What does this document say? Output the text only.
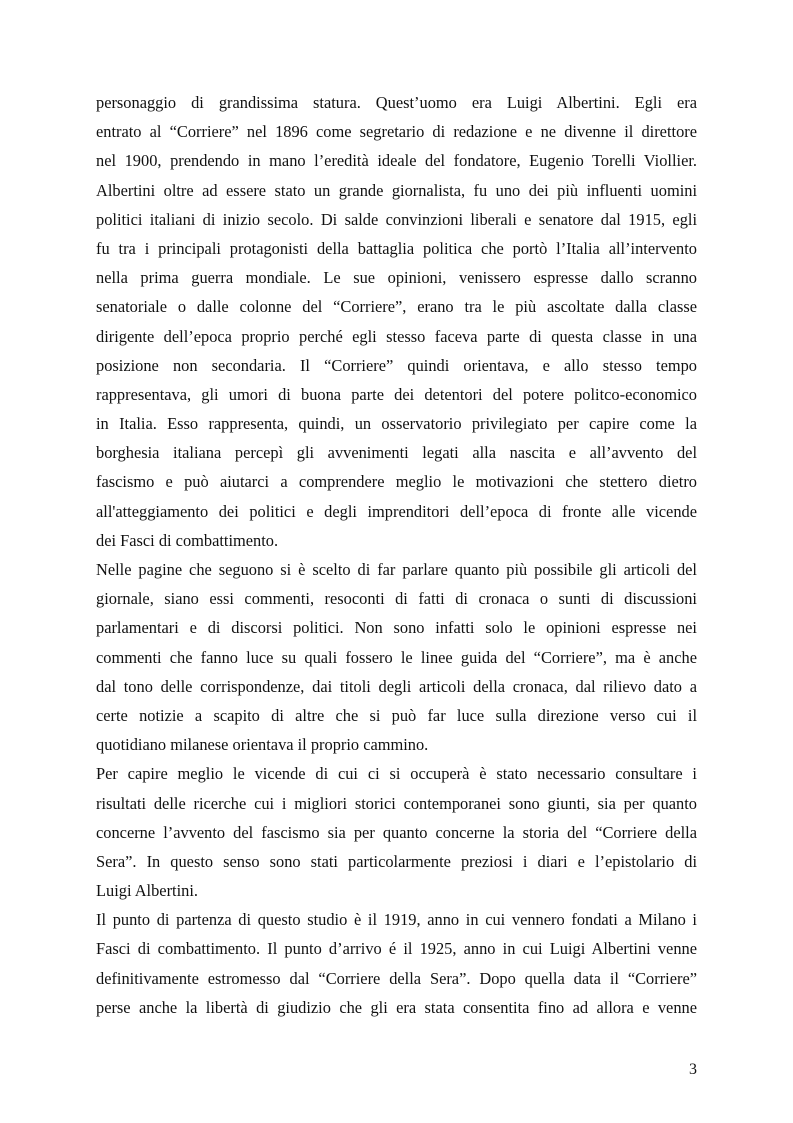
personaggio di grandissima statura. Quest’uomo era Luigi Albertini. Egli era
entrato al “Corriere” nel 1896 come segretario di redazione e ne divenne il direttore
nel 1900, prendendo in mano l’eredità ideale del fondatore, Eugenio Torelli Viollier.
Albertini oltre ad essere stato un grande giornalista, fu uno dei più influenti uomini
politici italiani di inizio secolo. Di salde convinzioni liberali e senatore dal 1915, egli
fu tra i principali protagonisti della battaglia politica che portò l’Italia all’intervento
nella prima guerra mondiale. Le sue opinioni, venissero espresse dallo scranno
senatoriale o dalle colonne del “Corriere”, erano tra le più ascoltate dalla classe
dirigente dell’epoca proprio perché egli stesso faceva parte di questa classe in una
posizione non secondaria. Il “Corriere” quindi orientava, e allo stesso tempo
rappresentava, gli umori di buona parte dei detentori del potere politco-economico
in Italia. Esso rappresenta, quindi, un osservatorio privilegiato per capire come la
borghesia italiana percepì gli avvenimenti legati alla nascita e all’avvento del
fascismo e può aiutarci a comprendere meglio le motivazioni che stettero dietro
all'atteggiamento dei politici e degli imprenditori dell’epoca di fronte alle vicende
dei Fasci di combattimento.
Nelle pagine che seguono si è scelto di far parlare quanto più possibile gli articoli del
giornale, siano essi commenti, resoconti di fatti di cronaca o sunti di discussioni
parlamentari e di discorsi politici. Non sono infatti solo le opinioni espresse nei
commenti che fanno luce su quali fossero le linee guida del “Corriere”, ma è anche
dal tono delle corrispondenze, dai titoli degli articoli della cronaca, dal rilievo dato a
certe notizie a scapito di altre che si può far luce sulla direzione verso cui il
quotidiano milanese orientava il proprio cammino.
Per capire meglio le vicende di cui ci si occuperà è stato necessario consultare i
risultati delle ricerche cui i migliori storici contemporanei sono giunti, sia per quanto
concerne l’avvento del fascismo sia per quanto concerne la storia del “Corriere della
Sera”. In questo senso sono stati particolarmente preziosi i diari e l’epistolario di
Luigi Albertini.
Il punto di partenza di questo studio è il 1919, anno in cui vennero fondati a Milano i
Fasci di combattimento. Il punto d’arrivo é il 1925, anno in cui Luigi Albertini venne
definitivamente estromesso dal “Corriere della Sera”. Dopo quella data il “Corriere”
perse anche la libertà di giudizio che gli era stata consentita fino ad allora e venne
3
